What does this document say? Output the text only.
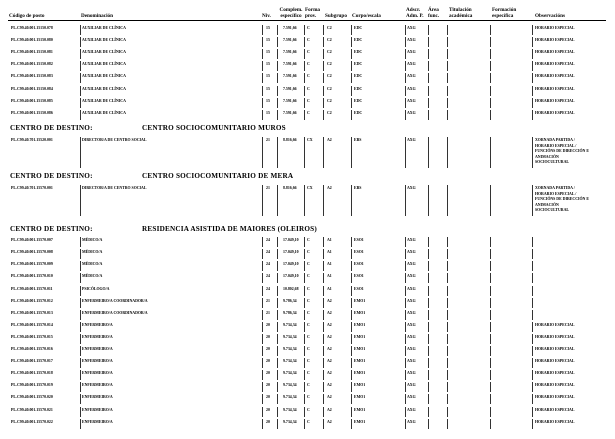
Código de posto	Denominación	Niv.
Complem. específico
Forma prov.	Subgrupo Corpo/escala
Adscr. Adm. P.
Área func.
Titulación académica
Formación específica	Observacións
PL.C99.40.001.15150.078	AUXILIAR DE CLÍNICA	15	7.591,66	C	C2	EDC	AXG	HORARIO ESPECIAL
PL.C99.40.001.15150.080	AUXILIAR DE CLÍNICA	15	7.591,66	C	C2	EDC	AXG	HORARIO ESPECIAL
PL.C99.40.001.15150.081	AUXILIAR DE CLÍNICA	15	7.591,66	C	C2	EDC	AXG	HORARIO ESPECIAL
PL.C99.40.001.15150.082	AUXILIAR DE CLÍNICA	15	7.591,66	C	C2	EDC	AXG	HORARIO ESPECIAL
PL.C99.40.001.15150.083	AUXILIAR DE CLÍNICA	15	7.591,66	C	C2	EDC	AXG	HORARIO ESPECIAL
PL.C99.40.001.15150.084	AUXILIAR DE CLÍNICA	15	7.591,66	C	C2	EDC	AXG	HORARIO ESPECIAL
PL.C99.40.001.15150.085	AUXILIAR DE CLÍNICA	15	7.591,66	C	C2	EDC	AXG	HORARIO ESPECIAL
PL.C99.40.001.15150.086	AUXILIAR DE CLÍNICA	15	7.591,66	C	C2	EDC	AXG	HORARIO ESPECIAL
CENTRO DE DESTINO:	CENTRO SOCIOCOMUNITARIO MUROS
PL.C99.40.701.15520.001	DIRECTOR/A DE CENTRO SOCIAL	21	8.816,66	CX	A2	EBS	AXG	XORNADA PARTIDA /
HORARIO ESPECIAL /
FUNCIÓNS DE DIRECCIÓN E
ANIMACIÓN
SOCIOCULTURAL
CENTRO DE DESTINO:	CENTRO SOCIOCOMUNITARIO DE MERA
PL.C99.40.701.15570.001	DIRECTOR/A DE CENTRO SOCIAL	21	8.816,66	CX	A2	EBS	AXG	XORNADA PARTIDA /
HORARIO ESPECIAL /
FUNCIÓNS DE DIRECCIÓN E
ANIMACIÓN
SOCIOCULTURAL
CENTRO DE DESTINO:	RESIDENCIA ASISTIDA DE MAIORES (OLEIROS)
PL.C99.40.001.15570.007	MÉDICO/A	24	17.049,10 C	A1	ESO1	AXG
PL.C99.40.001.15570.008	MÉDICO/A	24	17.049,10 C	A1	ESO1	AXG
PL.C99.40.001.15570.009	MÉDICO/A	24	17.049,10 C	A1	ESO1	AXG
PL.C99.40.001.15570.010	MÉDICO/A	24	17.049,10 C	A1	ESO1	AXG
PL.C99.40.001.15570.011	PSICÓLOGO/A	24	10.802,68 C	A1	ESO1	AXG
PL.C99.40.001.15570.012	ENFERMEIRO/A COORDINADOR/A	21	9.786,34	C	A2	EMO1	AXG
PL.C99.40.001.15570.013	ENFERMEIRO/A COORDINADOR/A	21	9.786,34	C	A2	EMO1	AXG
PL.C99.40.001.15570.014	ENFERMEIRO/A	20	9.734,34	C	A2	EMO1	AXG	HORARIO ESPECIAL
PL.C99.40.001.15570.015	ENFERMEIRO/A	20	9.734,34	C	A2	EMO1	AXG	HORARIO ESPECIAL
PL.C99.40.001.15570.016	ENFERMEIRO/A	20	9.734,34	C	A2	EMO1	AXG	HORARIO ESPECIAL
PL.C99.40.001.15570.017	ENFERMEIRO/A	20	9.734,34	C	A2	EMO1	AXG	HORARIO ESPECIAL
PL.C99.40.001.15570.018	ENFERMEIRO/A	20	9.734,34	C	A2	EMO1	AXG	HORARIO ESPECIAL
PL.C99.40.001.15570.019	ENFERMEIRO/A	20	9.734,34	C	A2	EMO1	AXG	HORARIO ESPECIAL
PL.C99.40.001.15570.020	ENFERMEIRO/A	20	9.734,34	C	A2	EMO1	AXG	HORARIO ESPECIAL
PL.C99.40.001.15570.021	ENFERMEIRO/A	20	9.734,34	C	A2	EMO1	AXG	HORARIO ESPECIAL
PL.C99.40.001.15570.022	ENFERMEIRO/A	20	9.734,34	C	A2	EMO1	AXG	HORARIO ESPECIAL
